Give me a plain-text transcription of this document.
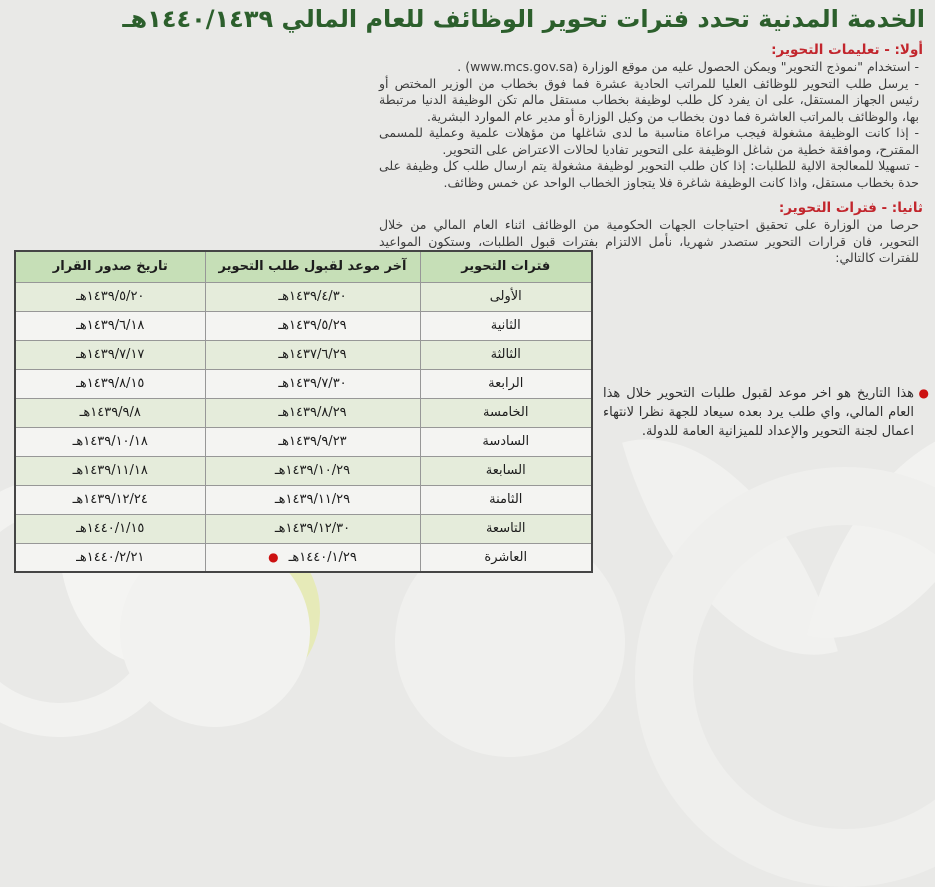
الخدمة المدنية تحدد فترات تحوير الوظائف للعام المالي ١٤٤٠/١٤٣٩هـ
أولا: - تعليمات التحوير:
- استخدام "نموذج التحوير" ويمكن الحصول عليه من موقع الوزارة (www.mcs.gov.sa) .
- يرسل طلب التحوير للوظائف العليا للمراتب الحادية عشرة فما فوق بخطاب من الوزير المختص أو رئيس الجهاز المستقل، على ان يفرد كل طلب لوظيفة بخطاب مستقل مالم تكن الوظيفة الدنيا مرتبطة بها، والوظائف بالمراتب العاشرة فما دون بخطاب من وكيل الوزارة أو مدير عام الموارد البشرية.
- إذا كانت الوظيفة مشغولة فيجب مراعاة مناسبة ما لدى شاغلها من مؤهلات علمية وعملية للمسمى المقترح، وموافقة خطية من شاغل الوظيفة على التحوير تفاديا لحالات الاعتراض على التحوير.
- تسهيلا للمعالجة الالية للطلبات: إذا كان طلب التحوير لوظيفة مشغولة يتم ارسال طلب كل وظيفة على حدة بخطاب مستقل، واذا كانت الوظيفة شاغرة فلا يتجاوز الخطاب الواحد عن خمس وظائف.
ثانيا: - فترات التحوير:

حرصا من الوزارة على تحقيق احتياجات الجهات الحكومية من الوظائف اثناء العام المالي من خلال التحوير، فان قرارات التحوير ستصدر شهريا، نأمل الالتزام بفترات قبول الطلبات، وستكون المواعيد للفترات كالتالي:

فترات التحوير	آخر موعد لقبول طلب التحوير	تاريخ صدور القرار
الأولى	١٤٣٩/٤/٣٠هـ	١٤٣٩/٥/٢٠هـ
الثانية	١٤٣٩/٥/٢٩هـ	١٤٣٩/٦/١٨هـ
الثالثة	١٤٣٧/٦/٢٩هـ	١٤٣٩/٧/١٧هـ
الرابعة	١٤٣٩/٧/٣٠هـ	١٤٣٩/٨/١٥هـ
الخامسة	١٤٣٩/٨/٢٩هـ	١٤٣٩/٩/٨هـ
السادسة	١٤٣٩/٩/٢٣هـ	١٤٣٩/١٠/١٨هـ
السابعة	١٤٣٩/١٠/٢٩هـ	١٤٣٩/١١/١٨هـ
الثامنة	١٤٣٩/١١/٢٩هـ	١٤٣٩/١٢/٢٤هـ
التاسعة	١٤٣٩/١٢/٣٠هـ	١٤٤٠/١/١٥هـ
العاشرة	١٤٤٠/١/٢٩هـ●	١٤٤٠/٢/٢١هـ
●
هذا التاريخ هو اخر موعد لقبول طلبات التحوير خلال هذا العام المالي، واي طلب يرد بعده سيعاد للجهة نظرا لانتهاء اعمال لجنة التحوير والإعداد للميزانية العامة للدولة.
